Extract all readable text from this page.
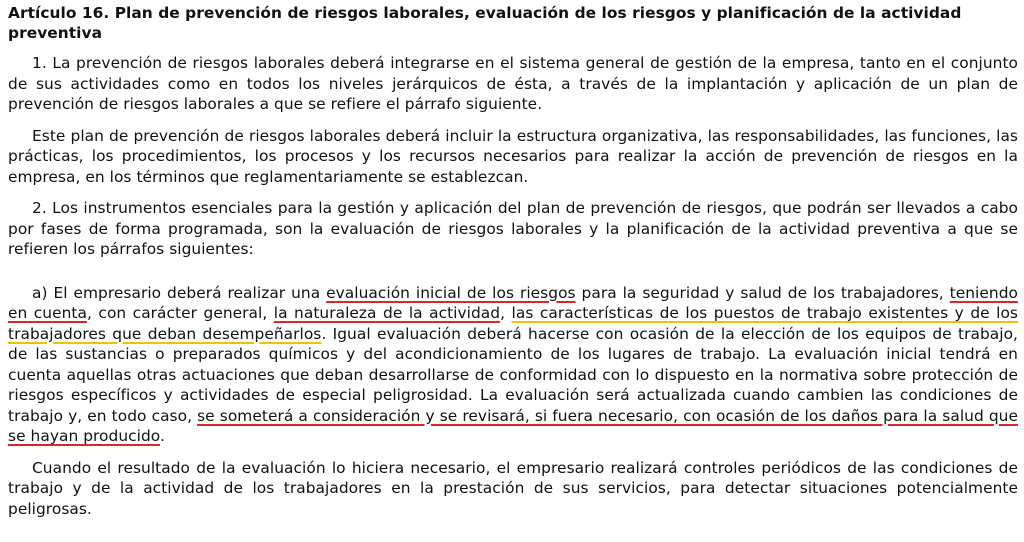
Artículo 16. Plan de prevención de riesgos laborales, evaluación de los riesgos y planificación de la actividad preventiva

1. La prevención de riesgos laborales deberá integrarse en el sistema general de gestión de la empresa, tanto en el conjunto de sus actividades como en todos los niveles jerárquicos de ésta, a través de la implantación y aplicación de un plan de prevención de riesgos laborales a que se refiere el párrafo siguiente.

Este plan de prevención de riesgos laborales deberá incluir la estructura organizativa, las responsabilidades, las funciones, las prácticas, los procedimientos, los procesos y los recursos necesarios para realizar la acción de prevención de riesgos en la empresa, en los términos que reglamentariamente se establezcan.

2. Los instrumentos esenciales para la gestión y aplicación del plan de prevención de riesgos, que podrán ser llevados a cabo por fases de forma programada, son la evaluación de riesgos laborales y la planificación de la actividad preventiva a que se refieren los párrafos siguientes:

a) El empresario deberá realizar una evaluación inicial de los riesgos para la seguridad y salud de los trabajadores, teniendo en cuenta, con carácter general, la naturaleza de la actividad, las características de los puestos de trabajo existentes y de los trabajadores que deban desempeñarlos. Igual evaluación deberá hacerse con ocasión de la elección de los equipos de trabajo, de las sustancias o preparados químicos y del acondicionamiento de los lugares de trabajo. La evaluación inicial tendrá en cuenta aquellas otras actuaciones que deban desarrollarse de conformidad con lo dispuesto en la normativa sobre protección de riesgos específicos y actividades de especial peligrosidad. La evaluación será actualizada cuando cambien las condiciones de trabajo y, en todo caso, se someterá a consideración y se revisará, si fuera necesario, con ocasión de los daños para la salud que se hayan producido.

Cuando el resultado de la evaluación lo hiciera necesario, el empresario realizará controles periódicos de las condiciones de trabajo y de la actividad de los trabajadores en la prestación de sus servicios, para detectar situaciones potencialmente peligrosas.
